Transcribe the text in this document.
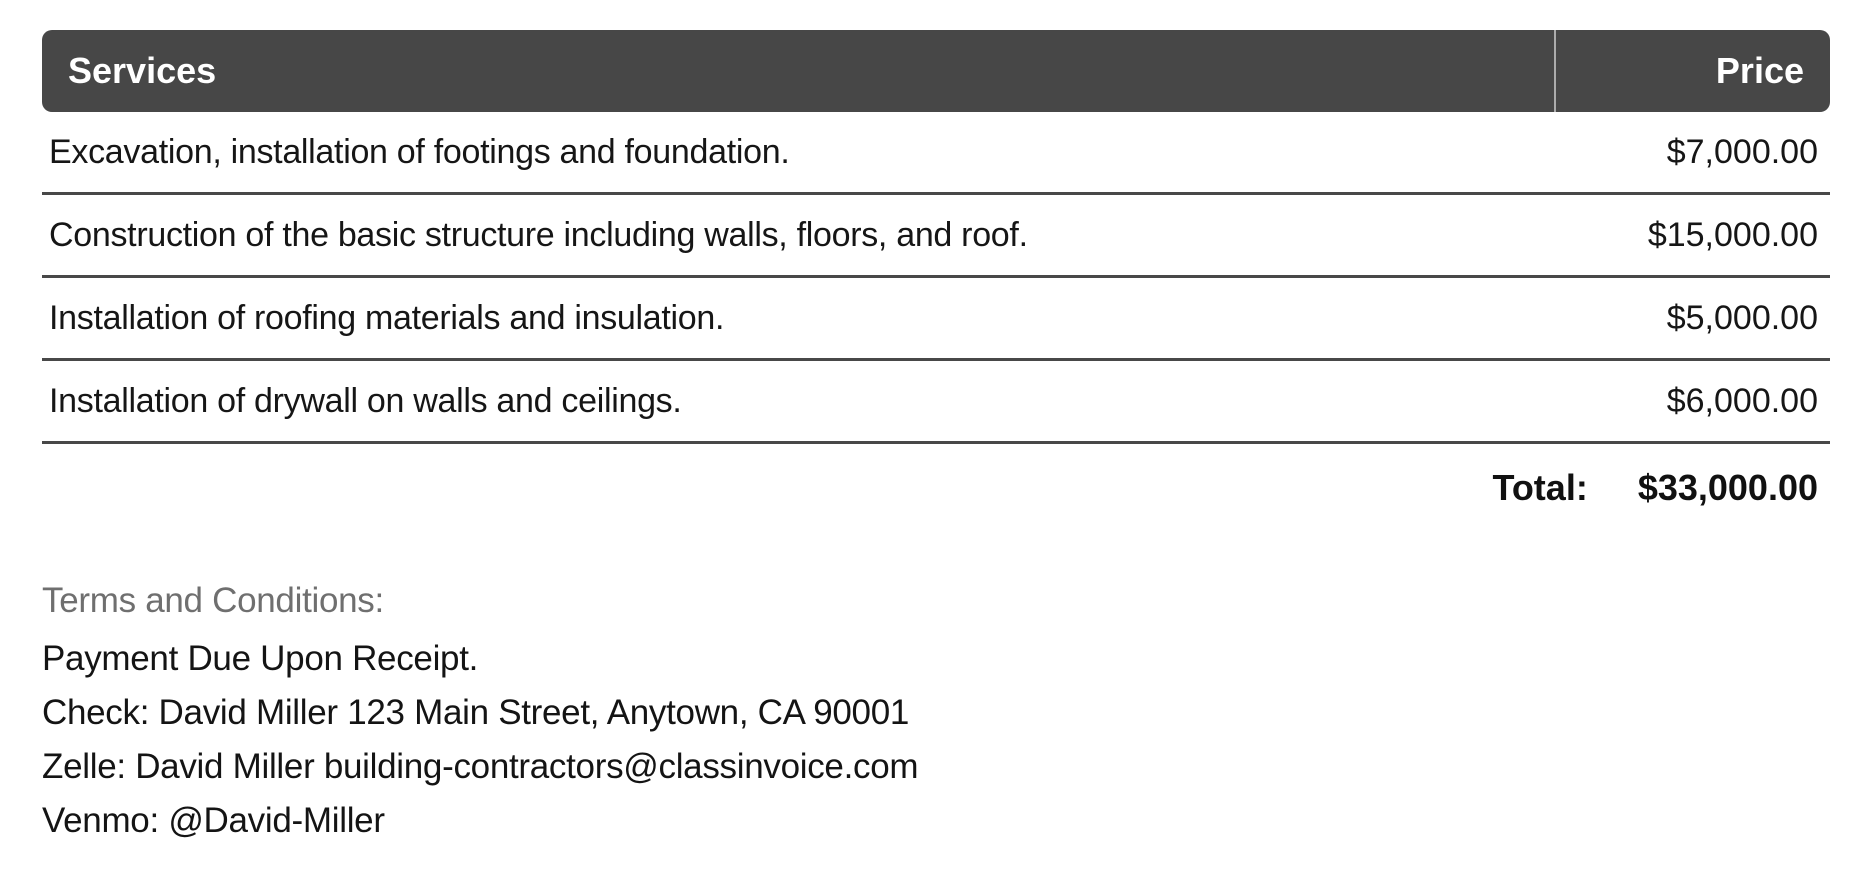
Services	Price
Excavation, installation of footings and foundation.	$7,000.00
Construction of the basic structure including walls, floors, and roof.	$15,000.00
Installation of roofing materials and insulation.	$5,000.00
Installation of drywall on walls and ceilings.	$6,000.00
Total: $33,000.00
Terms and Conditions:
Payment Due Upon Receipt.
Check: David Miller 123 Main Street, Anytown, CA 90001
Zelle: David Miller building-contractors@classinvoice.com
Venmo: @David-Miller
